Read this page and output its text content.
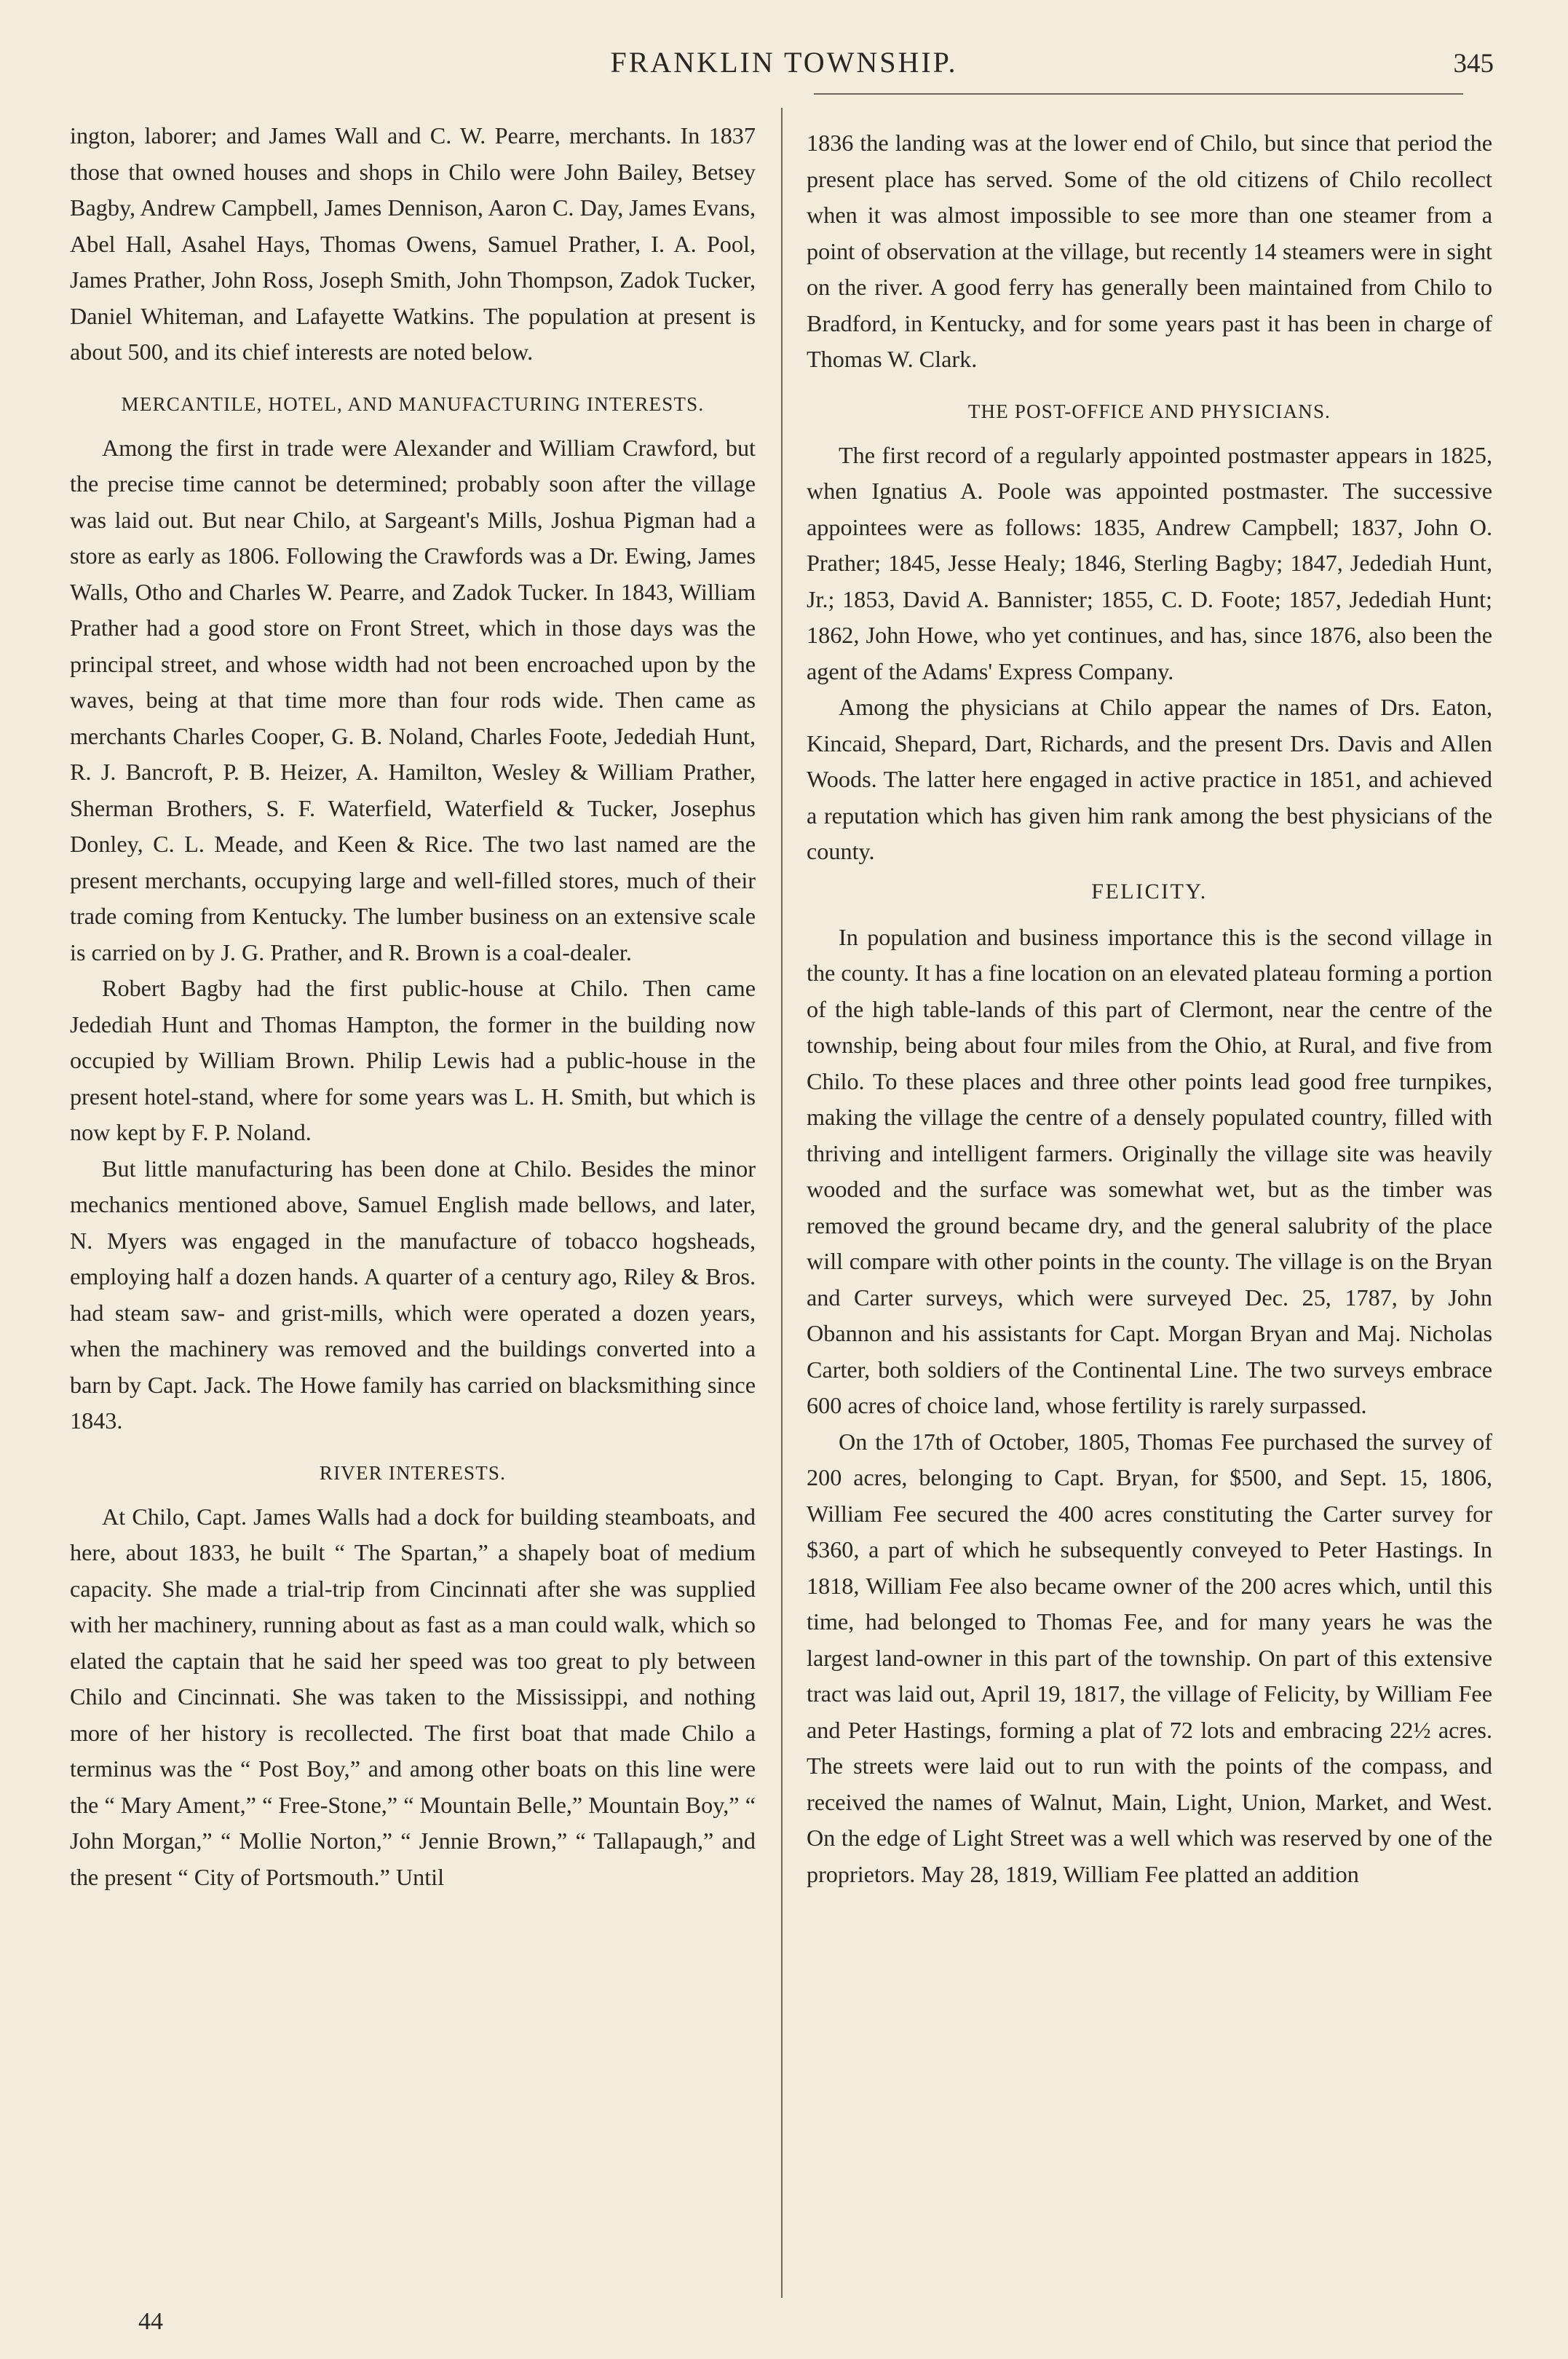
FRANKLIN TOWNSHIP.	345

ington, laborer; and James Wall and C. W. Pearre, merchants. In 1837 those that owned houses and shops in Chilo were John Bailey, Betsey Bagby, Andrew Campbell, James Dennison, Aaron C. Day, James Evans, Abel Hall, Asahel Hays, Thomas Owens, Samuel Prather, I. A. Pool, James Prather, John Ross, Joseph Smith, John Thompson, Zadok Tucker, Daniel Whiteman, and Lafayette Watkins. The population at present is about 500, and its chief interests are noted below.

MERCANTILE, HOTEL, AND MANUFACTURING INTERESTS.

Among the first in trade were Alexander and William Crawford, but the precise time cannot be determined; probably soon after the village was laid out. But near Chilo, at Sargeant's Mills, Joshua Pigman had a store as early as 1806. Following the Crawfords was a Dr. Ewing, James Walls, Otho and Charles W. Pearre, and Zadok Tucker. In 1843, William Prather had a good store on Front Street, which in those days was the principal street, and whose width had not been encroached upon by the waves, being at that time more than four rods wide. Then came as merchants Charles Cooper, G. B. Noland, Charles Foote, Jedediah Hunt, R. J. Bancroft, P. B. Heizer, A. Hamilton, Wesley & William Prather, Sherman Brothers, S. F. Waterfield, Waterfield & Tucker, Josephus Donley, C. L. Meade, and Keen & Rice. The two last named are the present merchants, occupying large and well-filled stores, much of their trade coming from Kentucky. The lumber business on an extensive scale is carried on by J. G. Prather, and R. Brown is a coal-dealer.

Robert Bagby had the first public-house at Chilo. Then came Jedediah Hunt and Thomas Hampton, the former in the building now occupied by William Brown. Philip Lewis had a public-house in the present hotel-stand, where for some years was L. H. Smith, but which is now kept by F. P. Noland.

But little manufacturing has been done at Chilo. Besides the minor mechanics mentioned above, Samuel English made bellows, and later, N. Myers was engaged in the manufacture of tobacco hogsheads, employing half a dozen hands. A quarter of a century ago, Riley & Bros. had steam saw- and grist-mills, which were operated a dozen years, when the machinery was removed and the buildings converted into a barn by Capt. Jack. The Howe family has carried on blacksmithing since 1843.

RIVER INTERESTS.

At Chilo, Capt. James Walls had a dock for building steamboats, and here, about 1833, he built “ The Spartan,” a shapely boat of medium capacity. She made a trial-trip from Cincinnati after she was supplied with her machinery, running about as fast as a man could walk, which so elated the captain that he said her speed was too great to ply between Chilo and Cincinnati. She was taken to the Mississippi, and nothing more of her history is recollected. The first boat that made Chilo a terminus was the “ Post Boy,” and among other boats on this line were the “ Mary Ament,” “ Free-Stone,” “ Mountain Belle,” Mountain Boy,” “ John Morgan,” “ Mollie Norton,” “ Jennie Brown,” “ Tallapaugh,” and the present “ City of Portsmouth.” Until

1836 the landing was at the lower end of Chilo, but since that period the present place has served. Some of the old citizens of Chilo recollect when it was almost impossible to see more than one steamer from a point of observation at the village, but recently 14 steamers were in sight on the river. A good ferry has generally been maintained from Chilo to Bradford, in Kentucky, and for some years past it has been in charge of Thomas W. Clark.

THE POST-OFFICE AND PHYSICIANS.

The first record of a regularly appointed postmaster appears in 1825, when Ignatius A. Poole was appointed postmaster. The successive appointees were as follows: 1835, Andrew Campbell; 1837, John O. Prather; 1845, Jesse Healy; 1846, Sterling Bagby; 1847, Jedediah Hunt, Jr.; 1853, David A. Bannister; 1855, C. D. Foote; 1857, Jedediah Hunt; 1862, John Howe, who yet continues, and has, since 1876, also been the agent of the Adams' Express Company.

Among the physicians at Chilo appear the names of Drs. Eaton, Kincaid, Shepard, Dart, Richards, and the present Drs. Davis and Allen Woods. The latter here engaged in active practice in 1851, and achieved a reputation which has given him rank among the best physicians of the county.

FELICITY.

In population and business importance this is the second village in the county. It has a fine location on an elevated plateau forming a portion of the high table-lands of this part of Clermont, near the centre of the township, being about four miles from the Ohio, at Rural, and five from Chilo. To these places and three other points lead good free turnpikes, making the village the centre of a densely populated country, filled with thriving and intelligent farmers. Originally the village site was heavily wooded and the surface was somewhat wet, but as the timber was removed the ground became dry, and the general salubrity of the place will compare with other points in the county. The village is on the Bryan and Carter surveys, which were surveyed Dec. 25, 1787, by John Obannon and his assistants for Capt. Morgan Bryan and Maj. Nicholas Carter, both soldiers of the Continental Line. The two surveys embrace 600 acres of choice land, whose fertility is rarely surpassed.

On the 17th of October, 1805, Thomas Fee purchased the survey of 200 acres, belonging to Capt. Bryan, for $500, and Sept. 15, 1806, William Fee secured the 400 acres constituting the Carter survey for $360, a part of which he subsequently conveyed to Peter Hastings. In 1818, William Fee also became owner of the 200 acres which, until this time, had belonged to Thomas Fee, and for many years he was the largest land-owner in this part of the township. On part of this extensive tract was laid out, April 19, 1817, the village of Felicity, by William Fee and Peter Hastings, forming a plat of 72 lots and embracing 22½ acres. The streets were laid out to run with the points of the compass, and received the names of Walnut, Main, Light, Union, Market, and West. On the edge of Light Street was a well which was reserved by one of the proprietors. May 28, 1819, William Fee platted an addition

44
